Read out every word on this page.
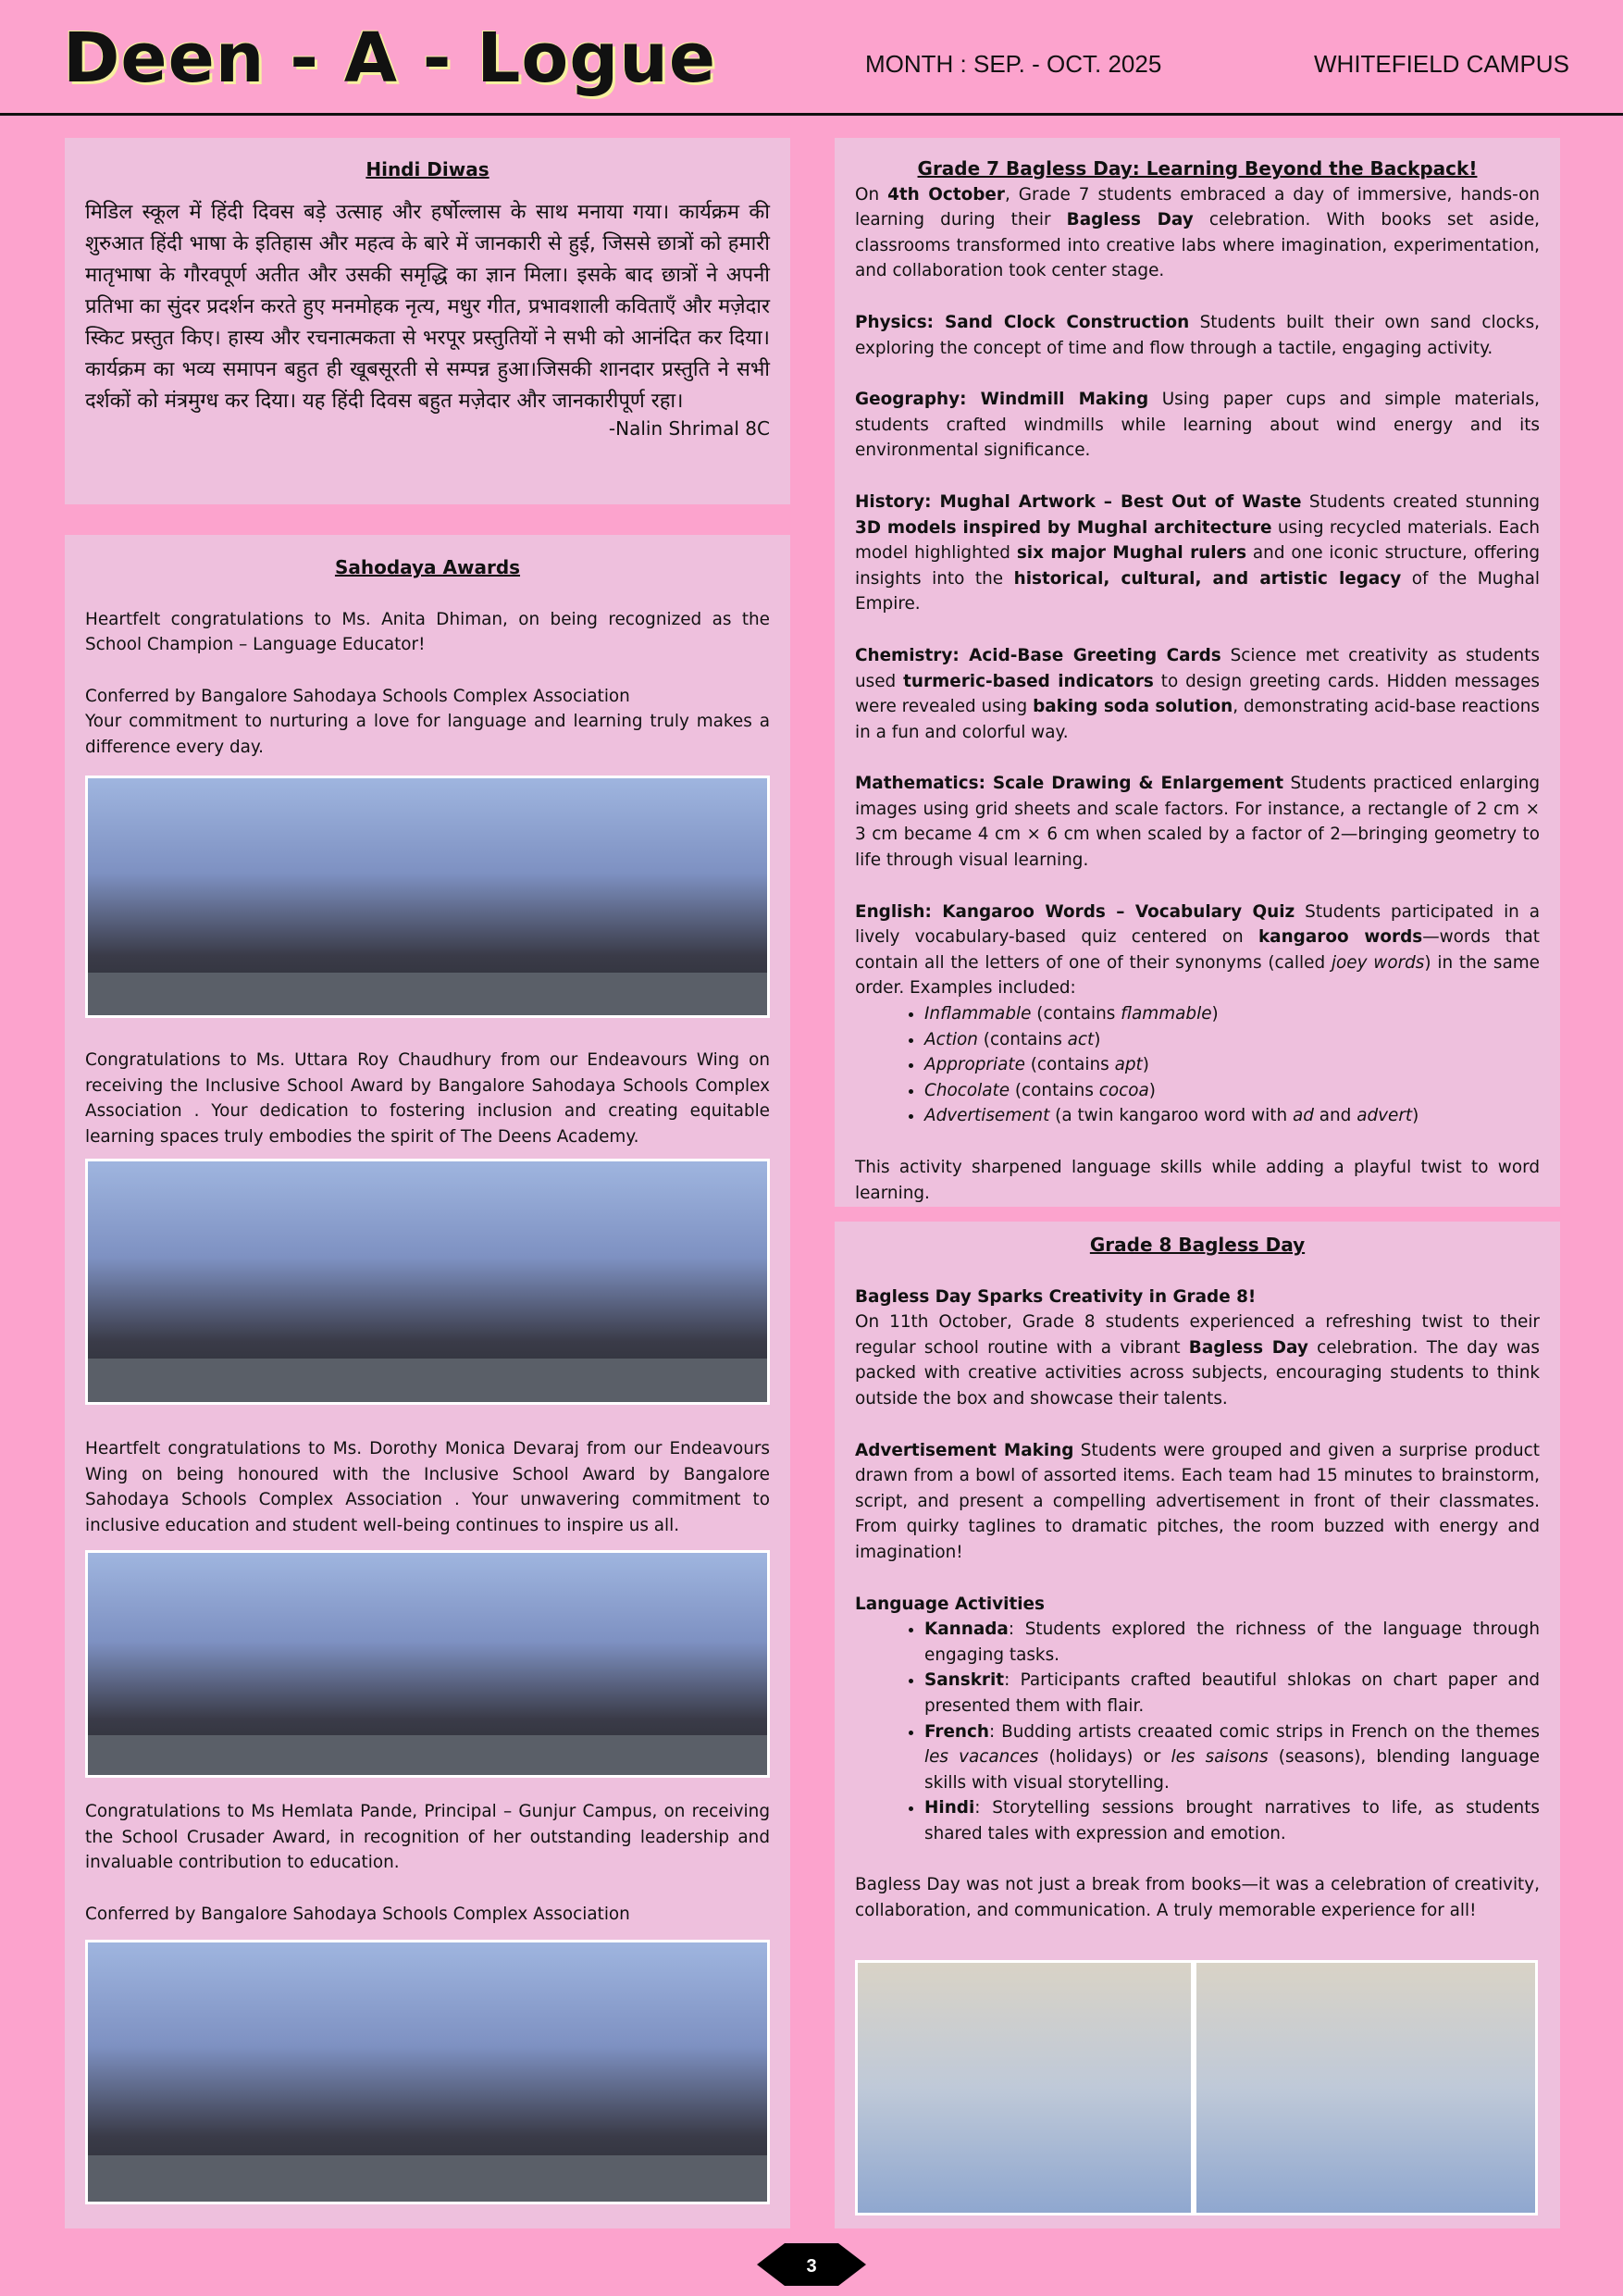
Deen - A - Logue	MONTH : SEP. - OCT. 2025	WHITEFIELD CAMPUS
Hindi Diwas
मिडिल स्कूल में हिंदी दिवस बड़े उत्साह और हर्षोल्लास के साथ मनाया गया। कार्यक्रम की शुरुआत हिंदी भाषा के इतिहास और महत्व के बारे में जानकारी से हुई, जिससे छात्रों को हमारी मातृभाषा के गौरवपूर्ण अतीत और उसकी समृद्धि का ज्ञान मिला। इसके बाद छात्रों ने अपनी प्रतिभा का सुंदर प्रदर्शन करते हुए मनमोहक नृत्य, मधुर गीत, प्रभावशाली कविताएँ और मज़ेदार स्किट प्रस्तुत किए। हास्य और रचनात्मकता से भरपूर प्रस्तुतियों ने सभी को आनंदित कर दिया।कार्यक्रम का भव्य समापन बहुत ही खूबसूरती से सम्पन्न हुआ।जिसकी शानदार प्रस्तुति ने सभी दर्शकों को मंत्रमुग्ध कर दिया। यह हिंदी दिवस बहुत मज़ेदार और जानकारीपूर्ण रहा।
-Nalin Shrimal 8C
Sahodaya Awards

Heartfelt congratulations to Ms. Anita Dhiman, on being recognized as the School Champion – Language Educator!

Conferred by Bangalore Sahodaya Schools Complex Association

Your commitment to nurturing a love for language and learning truly makes a difference every day.

Congratulations to Ms. Uttara Roy Chaudhury from our Endeavours Wing on receiving the Inclusive School Award by Bangalore Sahodaya Schools Complex Association . Your dedication to fostering inclusion and creating equitable learning spaces truly embodies the spirit of The Deens Academy.

Heartfelt congratulations to Ms. Dorothy Monica Devaraj from our Endeavours Wing on being honoured with the Inclusive School Award by Bangalore Sahodaya Schools Complex Association . Your unwavering commitment to inclusive education and student well-being continues to inspire us all.

Congratulations to Ms Hemlata Pande, Principal – Gunjur Campus, on receiving the School Crusader Award, in recognition of her outstanding leadership and invaluable contribution to education.

Conferred by Bangalore Sahodaya Schools Complex Association

Grade 7 Bagless Day: Learning Beyond the Backpack!

On 4th October, Grade 7 students embraced a day of immersive, hands-on learning during their Bagless Day celebration. With books set aside, classrooms transformed into creative labs where imagination, experimentation, and collaboration took center stage.

Physics: Sand Clock Construction Students built their own sand clocks, exploring the concept of time and flow through a tactile, engaging activity.

Geography: Windmill Making Using paper cups and simple materials, students crafted windmills while learning about wind energy and its environmental significance.

History: Mughal Artwork – Best Out of Waste Students created stunning 3D models inspired by Mughal architecture using recycled materials. Each model highlighted six major Mughal rulers and one iconic structure, offering insights into the historical, cultural, and artistic legacy of the Mughal Empire.

Chemistry: Acid-Base Greeting Cards Science met creativity as students used turmeric-based indicators to design greeting cards. Hidden messages were revealed using baking soda solution, demonstrating acid-base reactions in a fun and colorful way.

Mathematics: Scale Drawing & Enlargement Students practiced enlarging images using grid sheets and scale factors. For instance, a rectangle of 2 cm × 3 cm became 4 cm × 6 cm when scaled by a factor of 2—bringing geometry to life through visual learning.

English: Kangaroo Words – Vocabulary Quiz Students participated in a lively vocabulary-based quiz centered on kangaroo words—words that contain all the letters of one of their synonyms (called joey words) in the same order. Examples included:

• Inflammable (contains flammable)
• Action (contains act)
• Appropriate (contains apt)
• Chocolate (contains cocoa)
• Advertisement (a twin kangaroo word with ad and advert)

This activity sharpened language skills while adding a playful twist to word learning.

Grade 8 Bagless Day

Bagless Day Sparks Creativity in Grade 8!

On 11th October, Grade 8 students experienced a refreshing twist to their regular school routine with a vibrant Bagless Day celebration. The day was packed with creative activities across subjects, encouraging students to think outside the box and showcase their talents.

Advertisement Making Students were grouped and given a surprise product drawn from a bowl of assorted items. Each team had 15 minutes to brainstorm, script, and present a compelling advertisement in front of their classmates. From quirky taglines to dramatic pitches, the room buzzed with energy and imagination!

Language Activities

• Kannada: Students explored the richness of the language through engaging tasks.
• Sanskrit: Participants crafted beautiful shlokas on chart paper and presented them with flair.
• French: Budding artists creaated comic strips in French on the themes les vacances (holidays) or les saisons (seasons), blending language skills with visual storytelling.
• Hindi: Storytelling sessions brought narratives to life, as students shared tales with expression and emotion.

Bagless Day was not just a break from books—it was a celebration of creativity, collaboration, and communication. A truly memorable experience for all!

3
